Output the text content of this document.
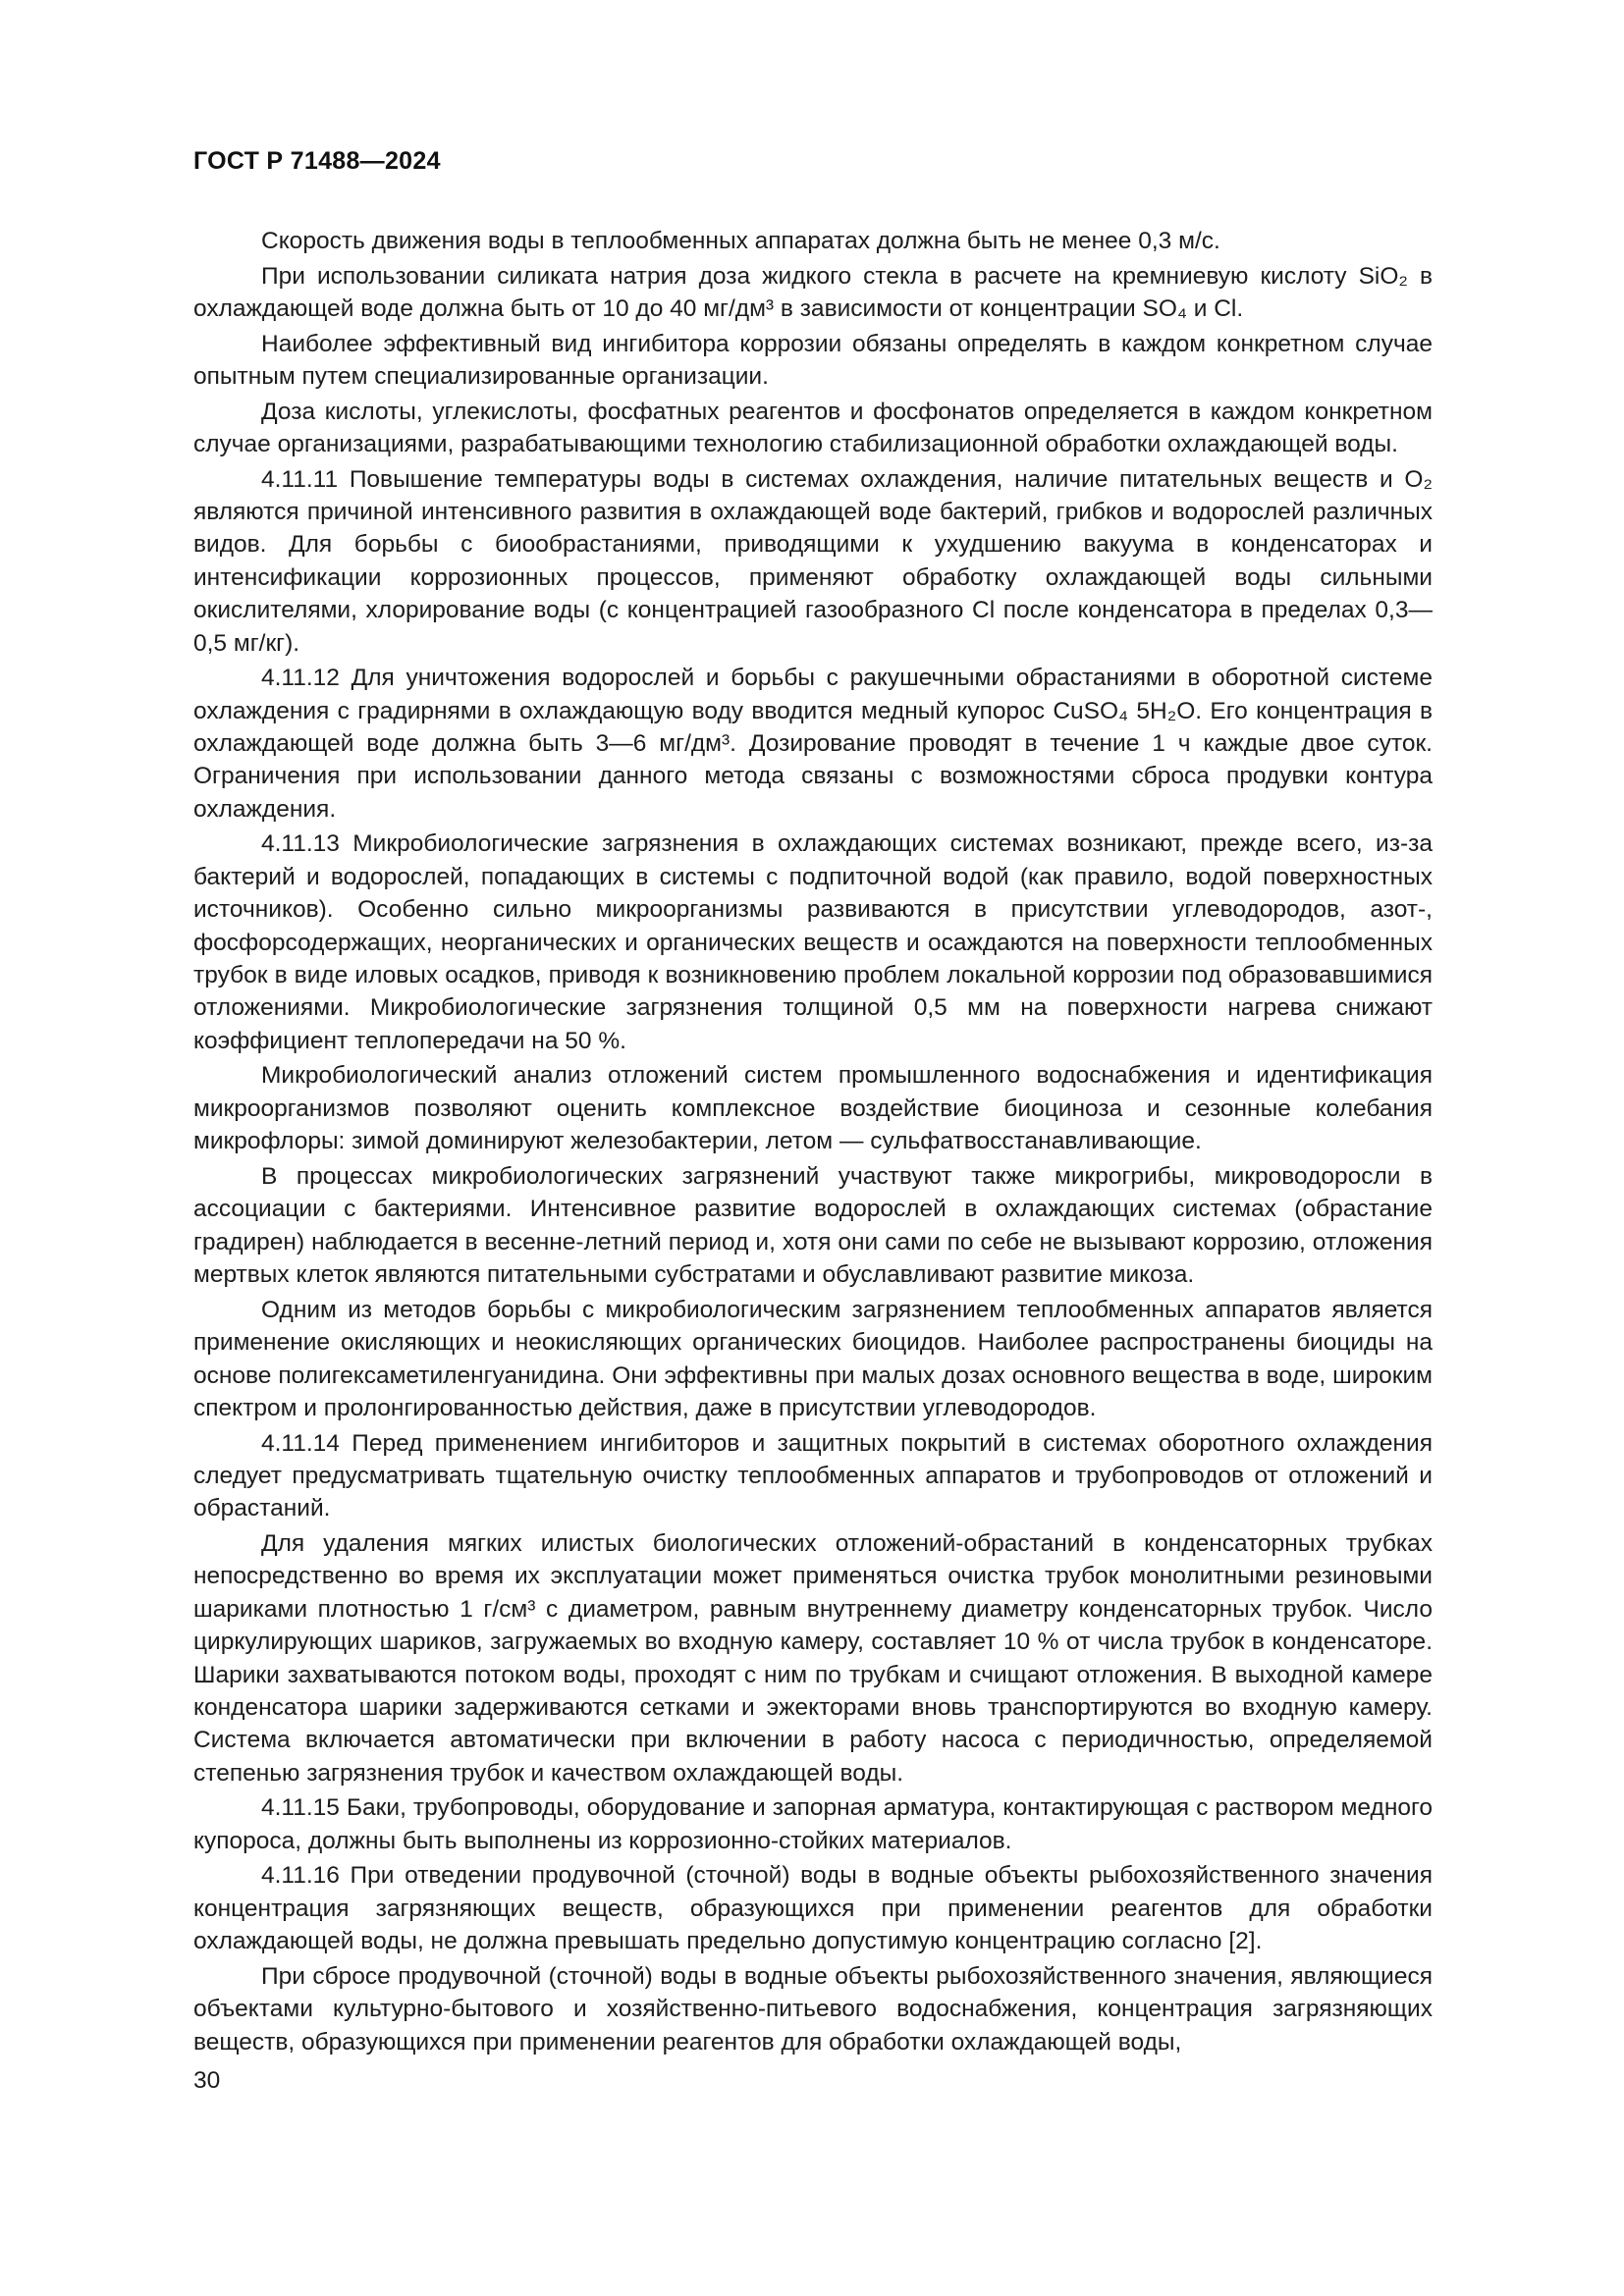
ГОСТ Р 71488—2024

Скорость движения воды в теплообменных аппаратах должна быть не менее 0,3 м/с.

При использовании силиката натрия доза жидкого стекла в расчете на кремниевую кислоту SiO₂ в охлаждающей воде должна быть от 10 до 40 мг/дм³ в зависимости от концентрации SO₄ и Cl.

Наиболее эффективный вид ингибитора коррозии обязаны определять в каждом конкретном случае опытным путем специализированные организации.

Доза кислоты, углекислоты, фосфатных реагентов и фосфонатов определяется в каждом конкретном случае организациями, разрабатывающими технологию стабилизационной обработки охлаждающей воды.

4.11.11 Повышение температуры воды в системах охлаждения, наличие питательных веществ и O₂ являются причиной интенсивного развития в охлаждающей воде бактерий, грибков и водорослей различных видов. Для борьбы с биообрастаниями, приводящими к ухудшению вакуума в конденсаторах и интенсификации коррозионных процессов, применяют обработку охлаждающей воды сильными окислителями, хлорирование воды (с концентрацией газообразного Cl после конденсатора в пределах 0,3—0,5 мг/кг).

4.11.12 Для уничтожения водорослей и борьбы с ракушечными обрастаниями в оборотной системе охлаждения с градирнями в охлаждающую воду вводится медный купорос CuSO₄ 5H₂O. Его концентрация в охлаждающей воде должна быть 3—6 мг/дм³. Дозирование проводят в течение 1 ч каждые двое суток. Ограничения при использовании данного метода связаны с возможностями сброса продувки контура охлаждения.

4.11.13 Микробиологические загрязнения в охлаждающих системах возникают, прежде всего, из-за бактерий и водорослей, попадающих в системы с подпиточной водой (как правило, водой поверхностных источников). Особенно сильно микроорганизмы развиваются в присутствии углеводородов, азот-, фосфорсодержащих, неорганических и органических веществ и осаждаются на поверхности теплообменных трубок в виде иловых осадков, приводя к возникновению проблем локальной коррозии под образовавшимися отложениями. Микробиологические загрязнения толщиной 0,5 мм на поверхности нагрева снижают коэффициент теплопередачи на 50 %.

Микробиологический анализ отложений систем промышленного водоснабжения и идентификация микроорганизмов позволяют оценить комплексное воздействие биоциноза и сезонные колебания микрофлоры: зимой доминируют железобактерии, летом — сульфатвосстанавливающие.

В процессах микробиологических загрязнений участвуют также микрогрибы, микроводоросли в ассоциации с бактериями. Интенсивное развитие водорослей в охлаждающих системах (обрастание градирен) наблюдается в весенне-летний период и, хотя они сами по себе не вызывают коррозию, отложения мертвых клеток являются питательными субстратами и обуславливают развитие микоза.

Одним из методов борьбы с микробиологическим загрязнением теплообменных аппаратов является применение окисляющих и неокисляющих органических биоцидов. Наиболее распространены биоциды на основе полигексаметиленгуанидина. Они эффективны при малых дозах основного вещества в воде, широким спектром и пролонгированностью действия, даже в присутствии углеводородов.

4.11.14 Перед применением ингибиторов и защитных покрытий в системах оборотного охлаждения следует предусматривать тщательную очистку теплообменных аппаратов и трубопроводов от отложений и обрастаний.

Для удаления мягких илистых биологических отложений-обрастаний в конденсаторных трубках непосредственно во время их эксплуатации может применяться очистка трубок монолитными резиновыми шариками плотностью 1 г/см³ с диаметром, равным внутреннему диаметру конденсаторных трубок. Число циркулирующих шариков, загружаемых во входную камеру, составляет 10 % от числа трубок в конденсаторе. Шарики захватываются потоком воды, проходят с ним по трубкам и счищают отложения. В выходной камере конденсатора шарики задерживаются сетками и эжекторами вновь транспортируются во входную камеру. Система включается автоматически при включении в работу насоса с периодичностью, определяемой степенью загрязнения трубок и качеством охлаждающей воды.

4.11.15 Баки, трубопроводы, оборудование и запорная арматура, контактирующая с раствором медного купороса, должны быть выполнены из коррозионно-стойких материалов.

4.11.16 При отведении продувочной (сточной) воды в водные объекты рыбохозяйственного значения концентрация загрязняющих веществ, образующихся при применении реагентов для обработки охлаждающей воды, не должна превышать предельно допустимую концентрацию согласно [2].

При сбросе продувочной (сточной) воды в водные объекты рыбохозяйственного значения, являющиеся объектами культурно-бытового и хозяйственно-питьевого водоснабжения, концентрация загрязняющих веществ, образующихся при применении реагентов для обработки охлаждающей воды,

30
